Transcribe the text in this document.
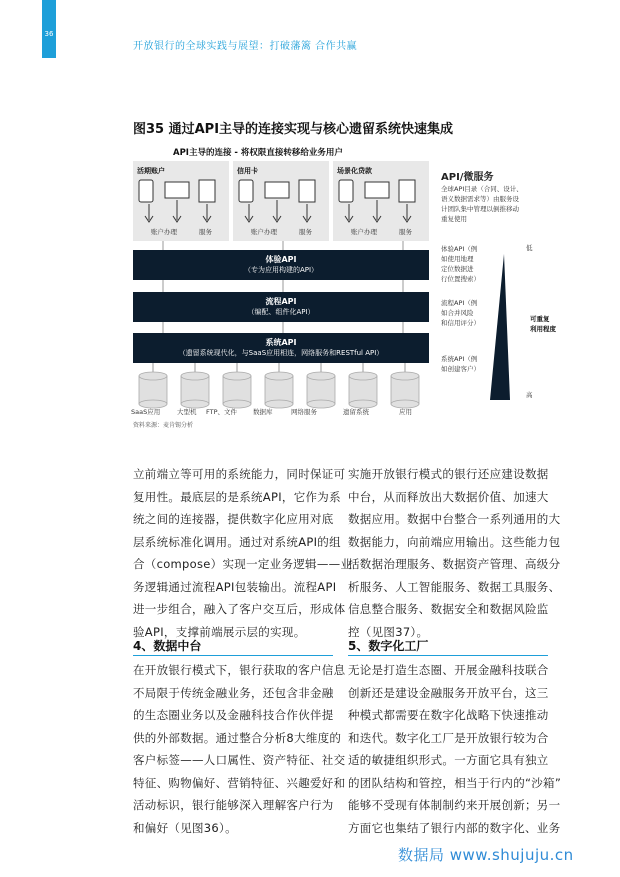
36
开放银行的全球实践与展望：打破藩篱 合作共赢
图35 通过API主导的连接实现与核心遗留系统快速集成
API主导的连接 - 将权限直接转移给业务用户
活期账户	信用卡	场景化贷款
账户办理	服务	账户办理	服务	账户办理	服务
体验API
（专为应用构建的API）
流程API
（编配、组件化API）
系统API
（遗留系统现代化，与SaaS应用相连，网络服务和RESTful API）
SaaS应用	大型机 FTP、文件 数据库	网络服务	遗留系统	应用
API/微服务
全球API目录（合同、设计、
语义数据需求等）由服务设
计团队集中管理以倒推移动
重复使用
体验API（例
如使用地理
定位数据进
行位置搜索）
流程API（例
如合并风险
和信用评分）
系统API（例
如创建客户）
低
高
可重复
利用程度
资料来源：麦肯锡分析
立前端立等可用的系统能力，同时保证可
复用性。最底层的是系统API，它作为系
统之间的连接器，提供数字化应用对底
层系统标准化调用。通过对系统API的组
合（compose）实现一定业务逻辑——业
务逻辑通过流程API包装输出。流程API
进一步组合，融入了客户交互后，形成体
验API，支撑前端展示层的实现。
4、数据中台
在开放银行模式下，银行获取的客户信息
不局限于传统金融业务，还包含非金融
的生态圈业务以及金融科技合作伙伴提
供的外部数据。通过整合分析8大维度的
客户标签——人口属性、资产特征、社交
特征、购物偏好、营销特征、兴趣爱好和
活动标识，银行能够深入理解客户行为
和偏好（见图36）。
实施开放银行模式的银行还应建设数据
中台，从而释放出大数据价值、加速大
数据应用。数据中台整合一系列通用的大
数据能力，向前端应用输出。这些能力包
括数据治理服务、数据资产管理、高级分
析服务、人工智能服务、数据工具服务、
信息整合服务、数据安全和数据风险监
控（见图37）。
5、数字化工厂
无论是打造生态圈、开展金融科技联合
创新还是建设金融服务开放平台，这三
种模式都需要在数字化战略下快速推动
和迭代。数字化工厂是开放银行较为合
适的敏捷组织形式。一方面它具有独立
的团队结构和管控，相当于行内的“沙箱”
能够不受现有体制制约来开展创新；另一
方面它也集结了银行内部的数字化、业务
数据局 www.shujuju.cn
